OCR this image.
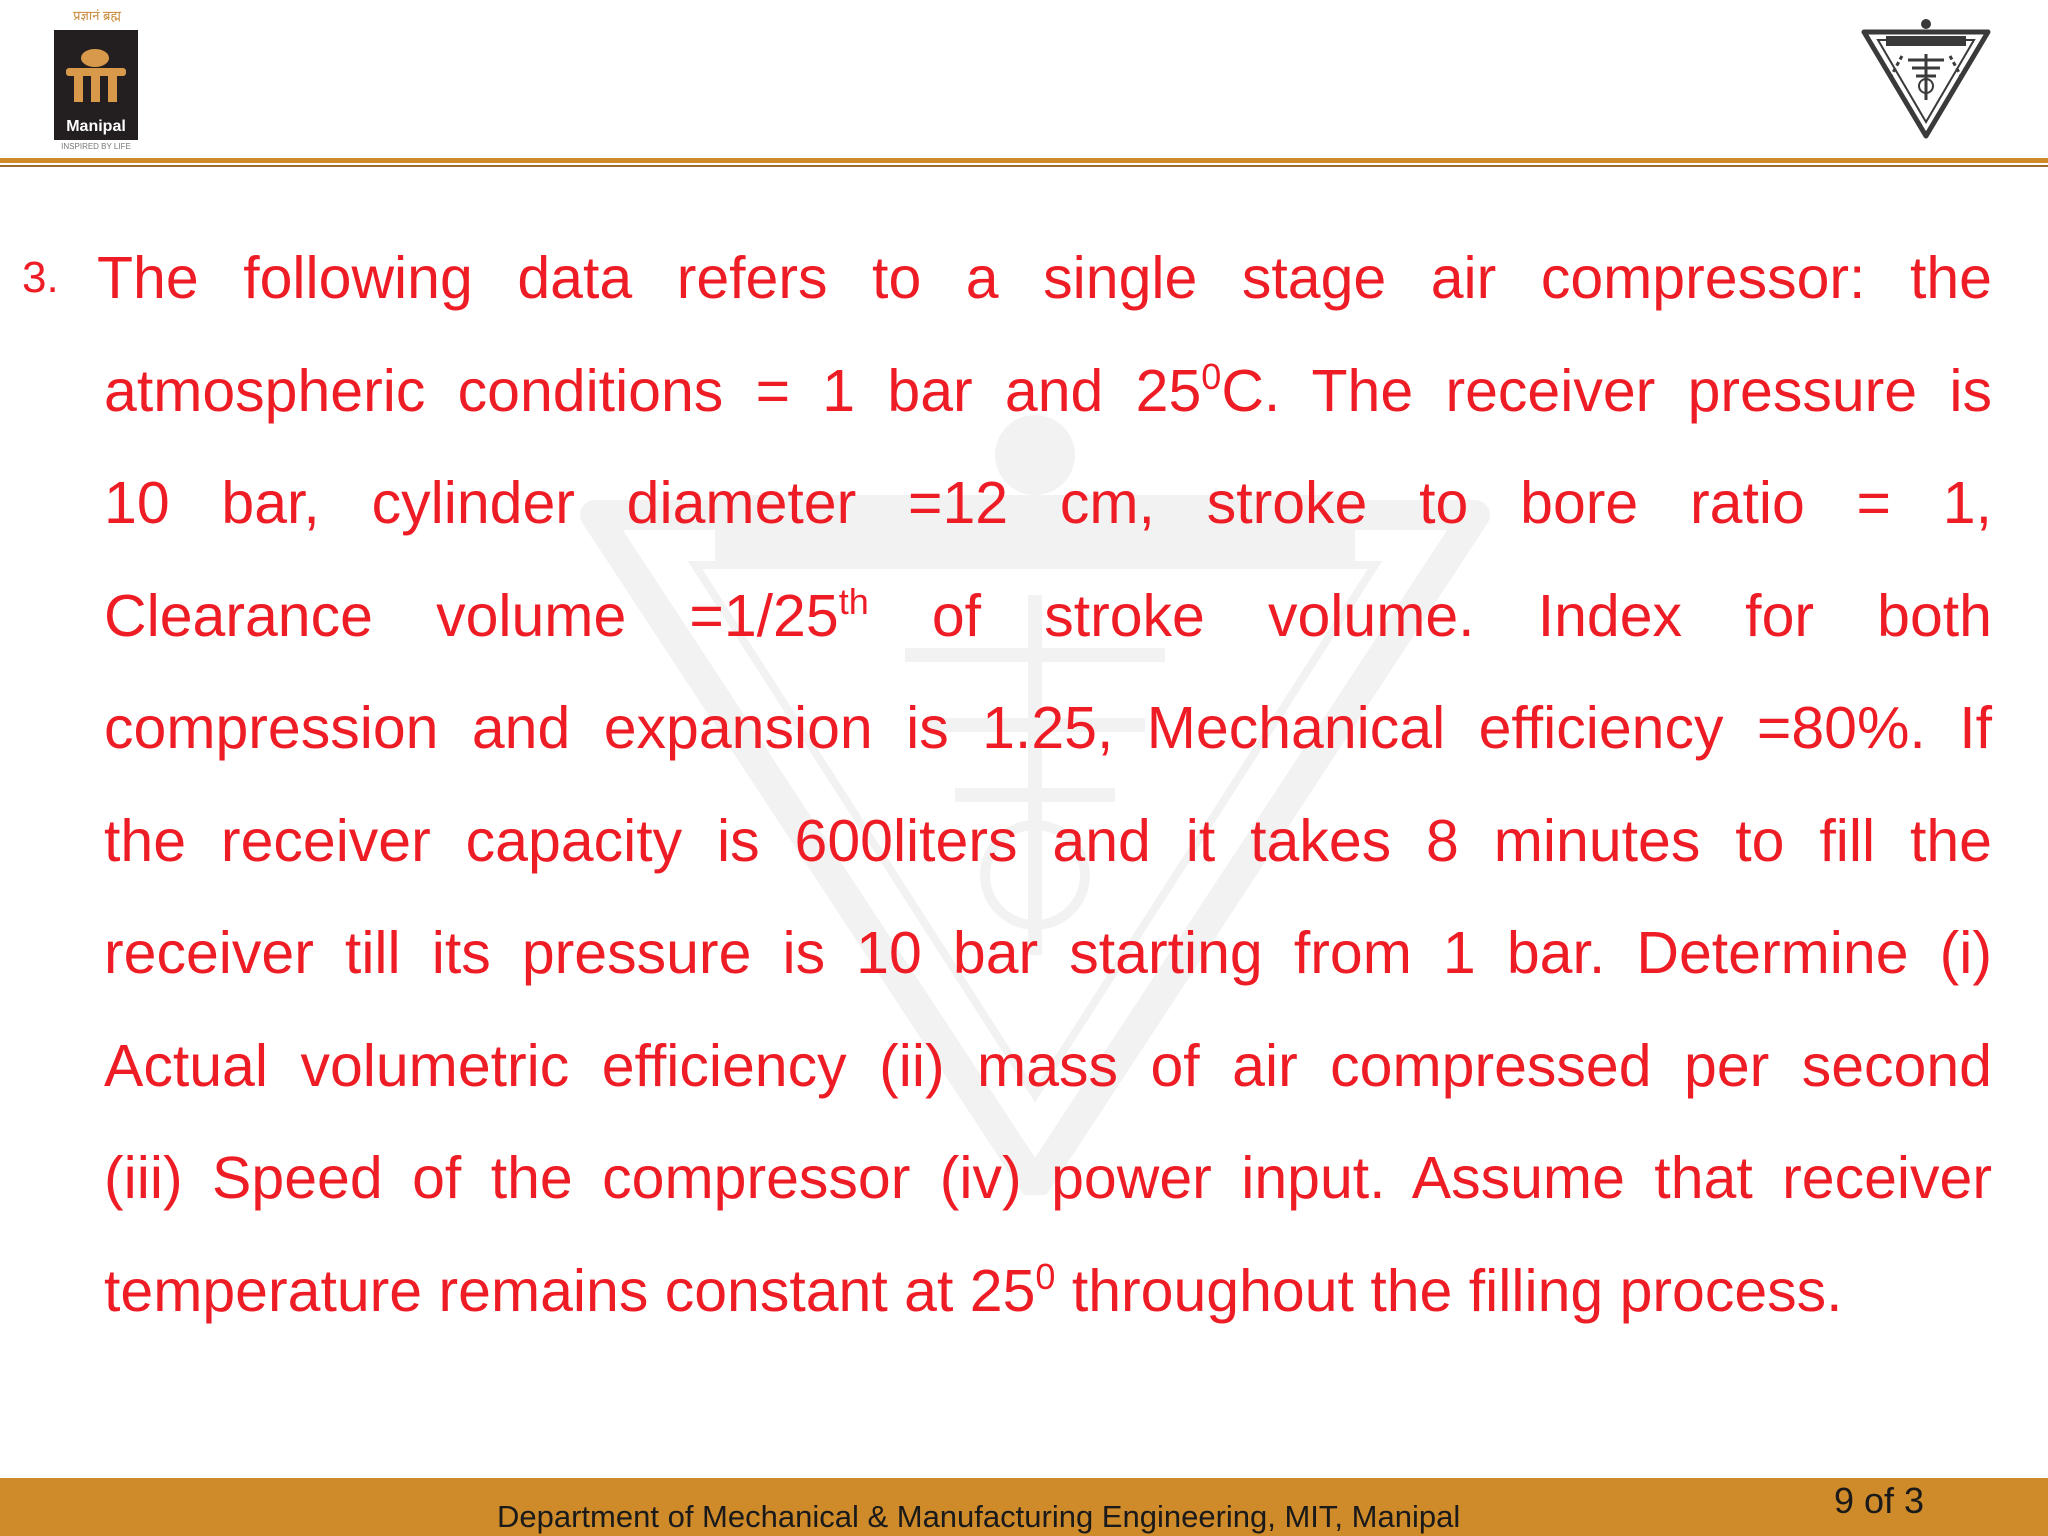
प्रज्ञानं ब्रह्म
Manipal
INSPIRED BY LIFE
3. The following data refers to a single stage air compressor: the
atmospheric conditions = 1 bar and $25^0C$. The receiver pressure is
10 bar, cylinder diameter =12 cm, stroke to bore ratio = 1,
Clearance volume =1/25th of stroke volume. Index for both
compression and expansion is 1.25, Mechanical efficiency =80%. If
the receiver capacity is 600liters and it takes 8 minutes to fill the
receiver till its pressure is 10 bar starting from 1 bar. Determine (i)
Actual volumetric efficiency (ii) mass of air compressed per second
(iii) Speed of the compressor (iv) power input. Assume that receiver
temperature remains constant at $25^0$ throughout the filling process.
Department of Mechanical & Manufacturing Engineering, MIT, Manipal	9 of 3
